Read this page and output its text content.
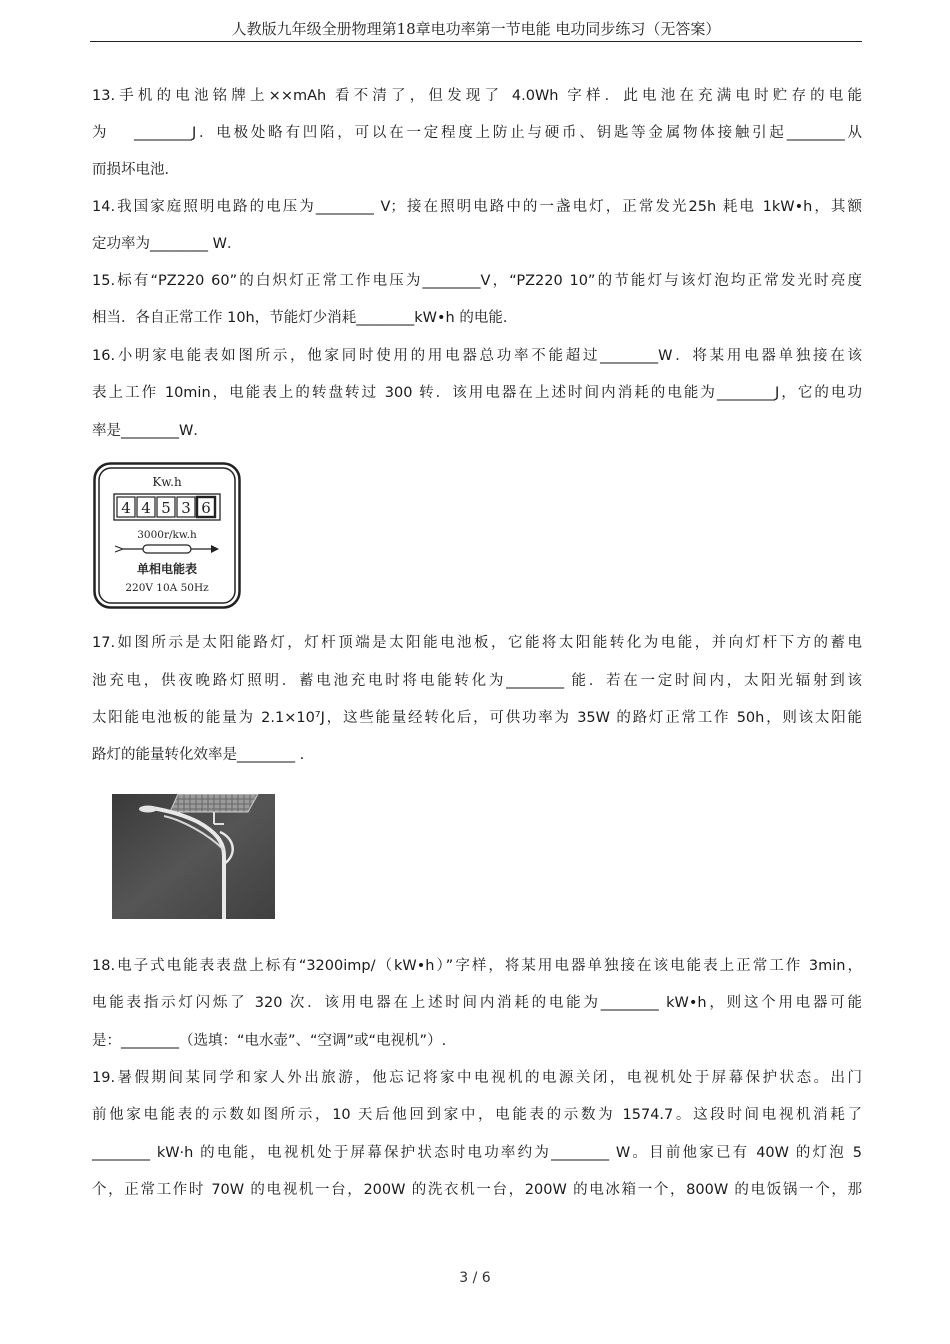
人教版九年级全册物理第18章电功率第一节电能 电功同步练习（无答案）
13.手机的电池铭牌上××mAh 看不清了，但发现了 4.0Wh 字样．此电池在充满电时贮存的电能
为　 ________J．电极处略有凹陷，可以在一定程度上防止与硬币、钥匙等金属物体接触引起________从
而损坏电池．
14.我国家庭照明电路的电压为________ V；接在照明电路中的一盏电灯，正常发光25h 耗电 1kW•h，其额
定功率为________ W．
15.标有“PZ220 60”的白炽灯正常工作电压为________V，“PZ220 10”的节能灯与该灯泡均正常发光时亮度
相当．各自正常工作 10h，节能灯少消耗________kW•h 的电能．
16.小明家电能表如图所示，他家同时使用的用电器总功率不能超过________W．将某用电器单独接在该
表上工作 10min，电能表上的转盘转过 300 转．该用电器在上述时间内消耗的电能为________J，它的电功
率是________W．
Kw.h
4 4 5 3 6
3000r/kw.h
单相电能表
220V 10A 50Hz
17.如图所示是太阳能路灯，灯杆顶端是太阳能电池板，它能将太阳能转化为电能，并向灯杆下方的蓄电
池充电，供夜晚路灯照明．蓄电池充电时将电能转化为________ 能．若在一定时间内，太阳光辐射到该
太阳能电池板的能量为 2.1×10⁷J，这些能量经转化后，可供功率为 35W 的路灯正常工作 50h，则该太阳能
路灯的能量转化效率是________ .
18.电子式电能表表盘上标有“3200imp/（kW•h）”字样，将某用电器单独接在该电能表上正常工作 3min，
电能表指示灯闪烁了 320 次．该用电器在上述时间内消耗的电能为________ kW•h，则这个用电器可能
是：________（选填：“电水壶”、“空调”或“电视机”）.
19.暑假期间某同学和家人外出旅游，他忘记将家中电视机的电源关闭，电视机处于屏幕保护状态。出门
前他家电能表的示数如图所示，10 天后他回到家中，电能表的示数为 1574.7。这段时间电视机消耗了
________ kW·h 的电能，电视机处于屏幕保护状态时电功率约为________ W。目前他家已有 40W 的灯泡 5
个，正常工作时 70W 的电视机一台，200W 的洗衣机一台，200W 的电冰箱一个，800W 的电饭锅一个，那
3 / 6
